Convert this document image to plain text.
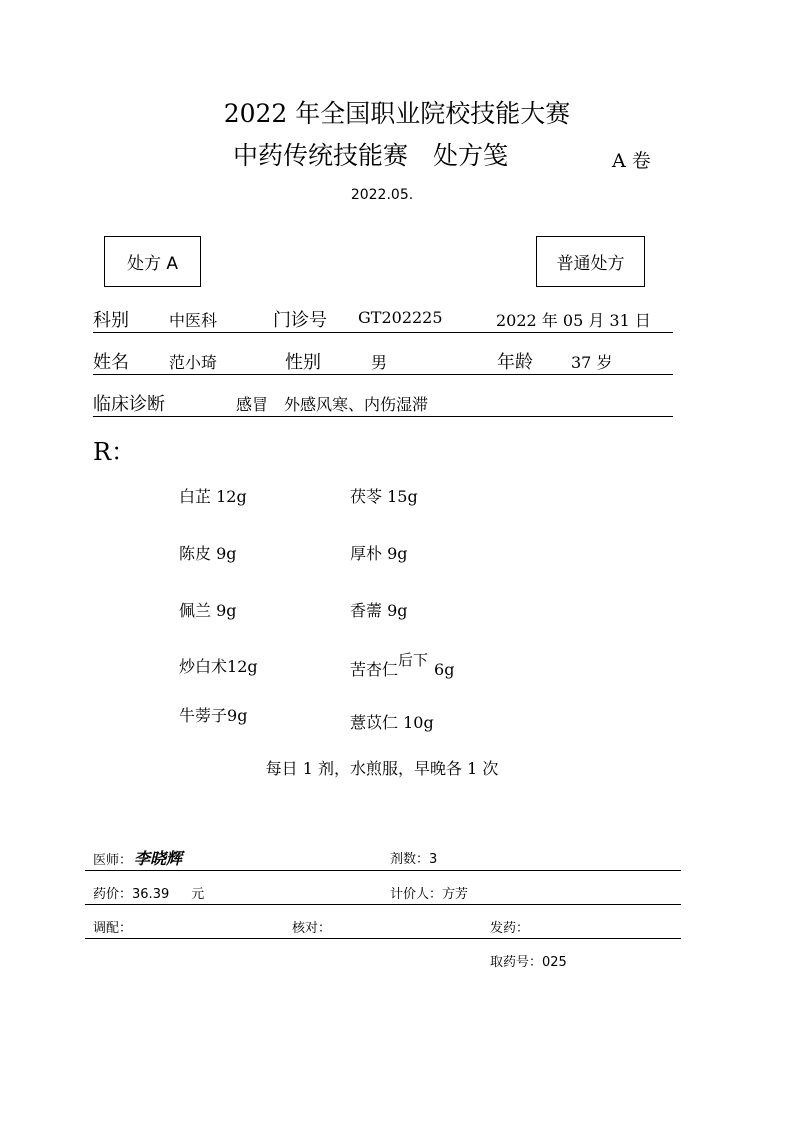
2022 年全国职业院校技能大赛
中药传统技能赛　处方笺	A 卷
2022.05.
处方 A	普通处方
科别	中医科	门诊号 GT202225	2022 年 05 月 31 日
姓名	范小琦	性别	男	年龄 37 岁
临床诊断	感冒　外感风寒、内伤湿滞
R：
白芷 12g	茯苓 15g
陈皮 9g	厚朴 9g
佩兰 9g	香薷 9g
炒白术12g	苦杏仁后下 6g
牛蒡子9g	薏苡仁 10g
每日 1 剂，水煎服，早晚各 1 次
医师： 李晓辉	剂数：3
药价：36.39 元	计价人：方芳
调配：	核对：	发药：
取药号：025
